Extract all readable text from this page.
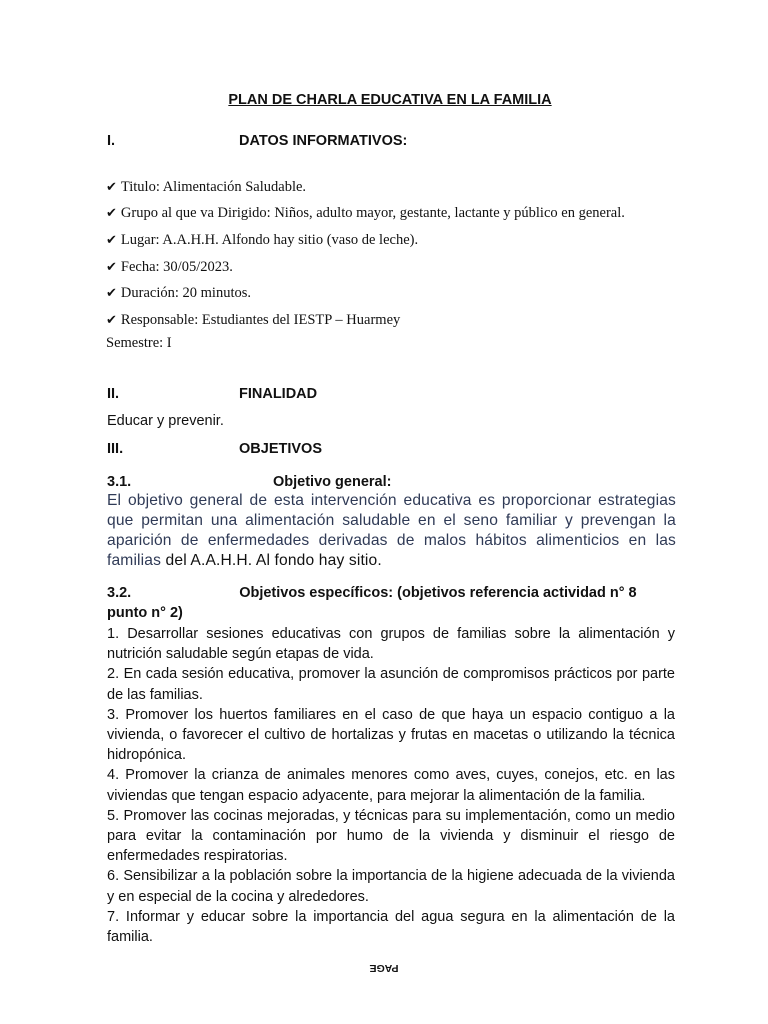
PLAN DE CHARLA EDUCATIVA EN LA FAMILIA
I.	DATOS INFORMATIVOS:
✔ Titulo: Alimentación Saludable.
✔ Grupo al que va Dirigido: Niños, adulto mayor, gestante, lactante y público en general.
✔ Lugar: A.A.H.H. Alfondo hay sitio (vaso de leche).
✔ Fecha: 30/05/2023.
✔ Duración: 20 minutos.
✔ Responsable: Estudiantes del IESTP – Huarmey
Semestre: I
II.	FINALIDAD
Educar y prevenir.
III.	OBJETIVOS
3.1.	Objetivo general:
El objetivo general de esta intervención educativa es proporcionar estrategias que permitan una alimentación saludable en el seno familiar y prevengan la aparición de enfermedades derivadas de malos hábitos alimenticios en las familias del A.A.H.H. Al fondo hay sitio.
3.2.	Objetivos específicos: (objetivos referencia actividad n° 8 punto n° 2)
1. Desarrollar sesiones educativas con grupos de familias sobre la alimentación y nutrición saludable según etapas de vida.
2. En cada sesión educativa, promover la asunción de compromisos prácticos por parte de las familias.
3. Promover los huertos familiares en el caso de que haya un espacio contiguo a la vivienda, o favorecer el cultivo de hortalizas y frutas en macetas o utilizando la técnica hidropónica.
4. Promover la crianza de animales menores como aves, cuyes, conejos, etc. en las viviendas que tengan espacio adyacente, para mejorar la alimentación de la familia.
5. Promover las cocinas mejoradas, y técnicas para su implementación, como un medio para evitar la contaminación por humo de la vivienda y disminuir el riesgo de enfermedades respiratorias.
6. Sensibilizar a la población sobre la importancia de la higiene adecuada de la vivienda y en especial de la cocina y alrededores.
7. Informar y educar sobre la importancia del agua segura en la alimentación de la familia.
PAGE
